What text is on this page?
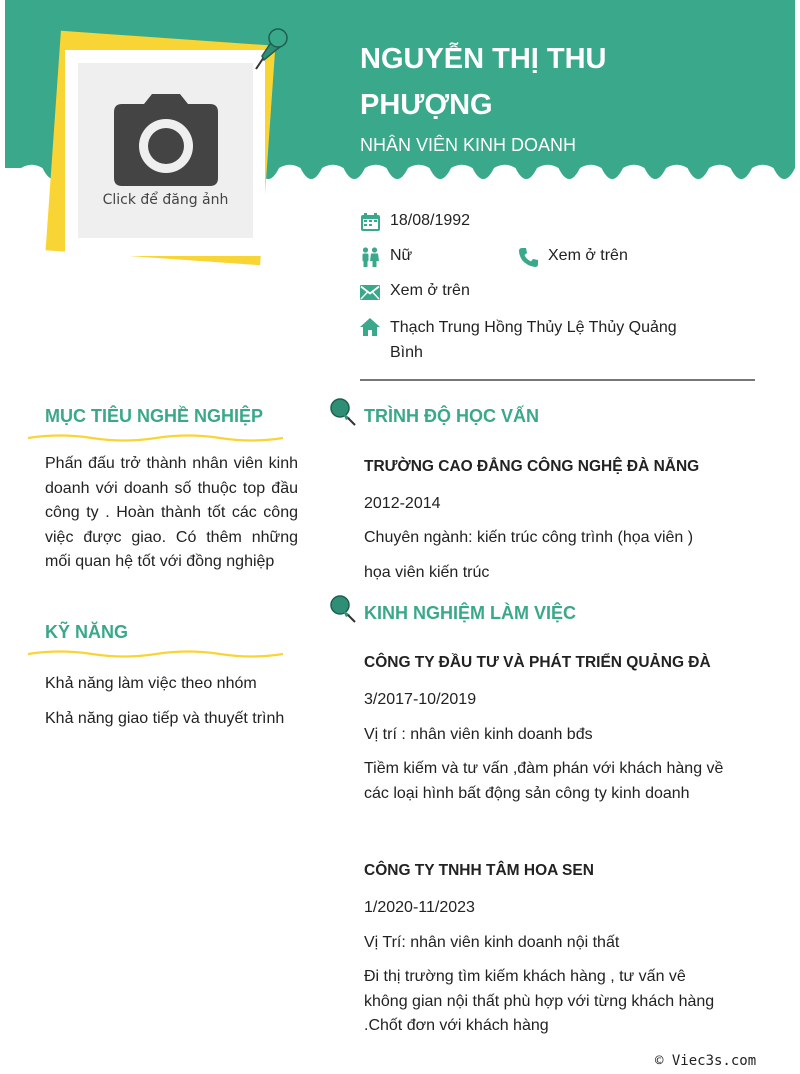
Click để đăng ảnh
NGUYỄN THỊ THU PHƯỢNG
NHÂN VIÊN KINH DOANH
18/08/1992
Nữ	Xem ở trên
Xem ở trên
Thạch Trung Hồng Thủy Lệ Thủy Quảng Bình
MỤC TIÊU NGHỀ NGHIỆP
Phấn đấu trở thành nhân viên kinh doanh với doanh số thuộc top đầu công ty . Hoàn thành tốt các công việc được giao. Có thêm những mối quan hệ tốt với đồng nghiệp
KỸ NĂNG
Khả năng làm việc theo nhóm
Khả năng giao tiếp và thuyết trình
TRÌNH ĐỘ HỌC VẤN
TRƯỜNG CAO ĐẲNG CÔNG NGHỆ ĐÀ NẴNG
2012-2014
Chuyên ngành: kiến trúc công trình (họa viên )
họa viên kiến trúc
KINH NGHIỆM LÀM VIỆC
CÔNG TY ĐẦU TƯ VÀ PHÁT TRIỂN QUẢNG ĐÀ
3/2017-10/2019
Vị trí : nhân viên kinh doanh bđs
Tiềm kiếm và tư vấn ,đàm phán với khách hàng về các loại hình bất động sản công ty kinh doanh
CÔNG TY TNHH TÂM HOA SEN
1/2020-11/2023
Vị Trí: nhân viên kinh doanh nội thất
Đi thị trường tìm kiếm khách hàng , tư vấn vê không gian nội thất phù hợp với từng khách hàng .Chốt đơn với khách hàng
© Viec3s.com
